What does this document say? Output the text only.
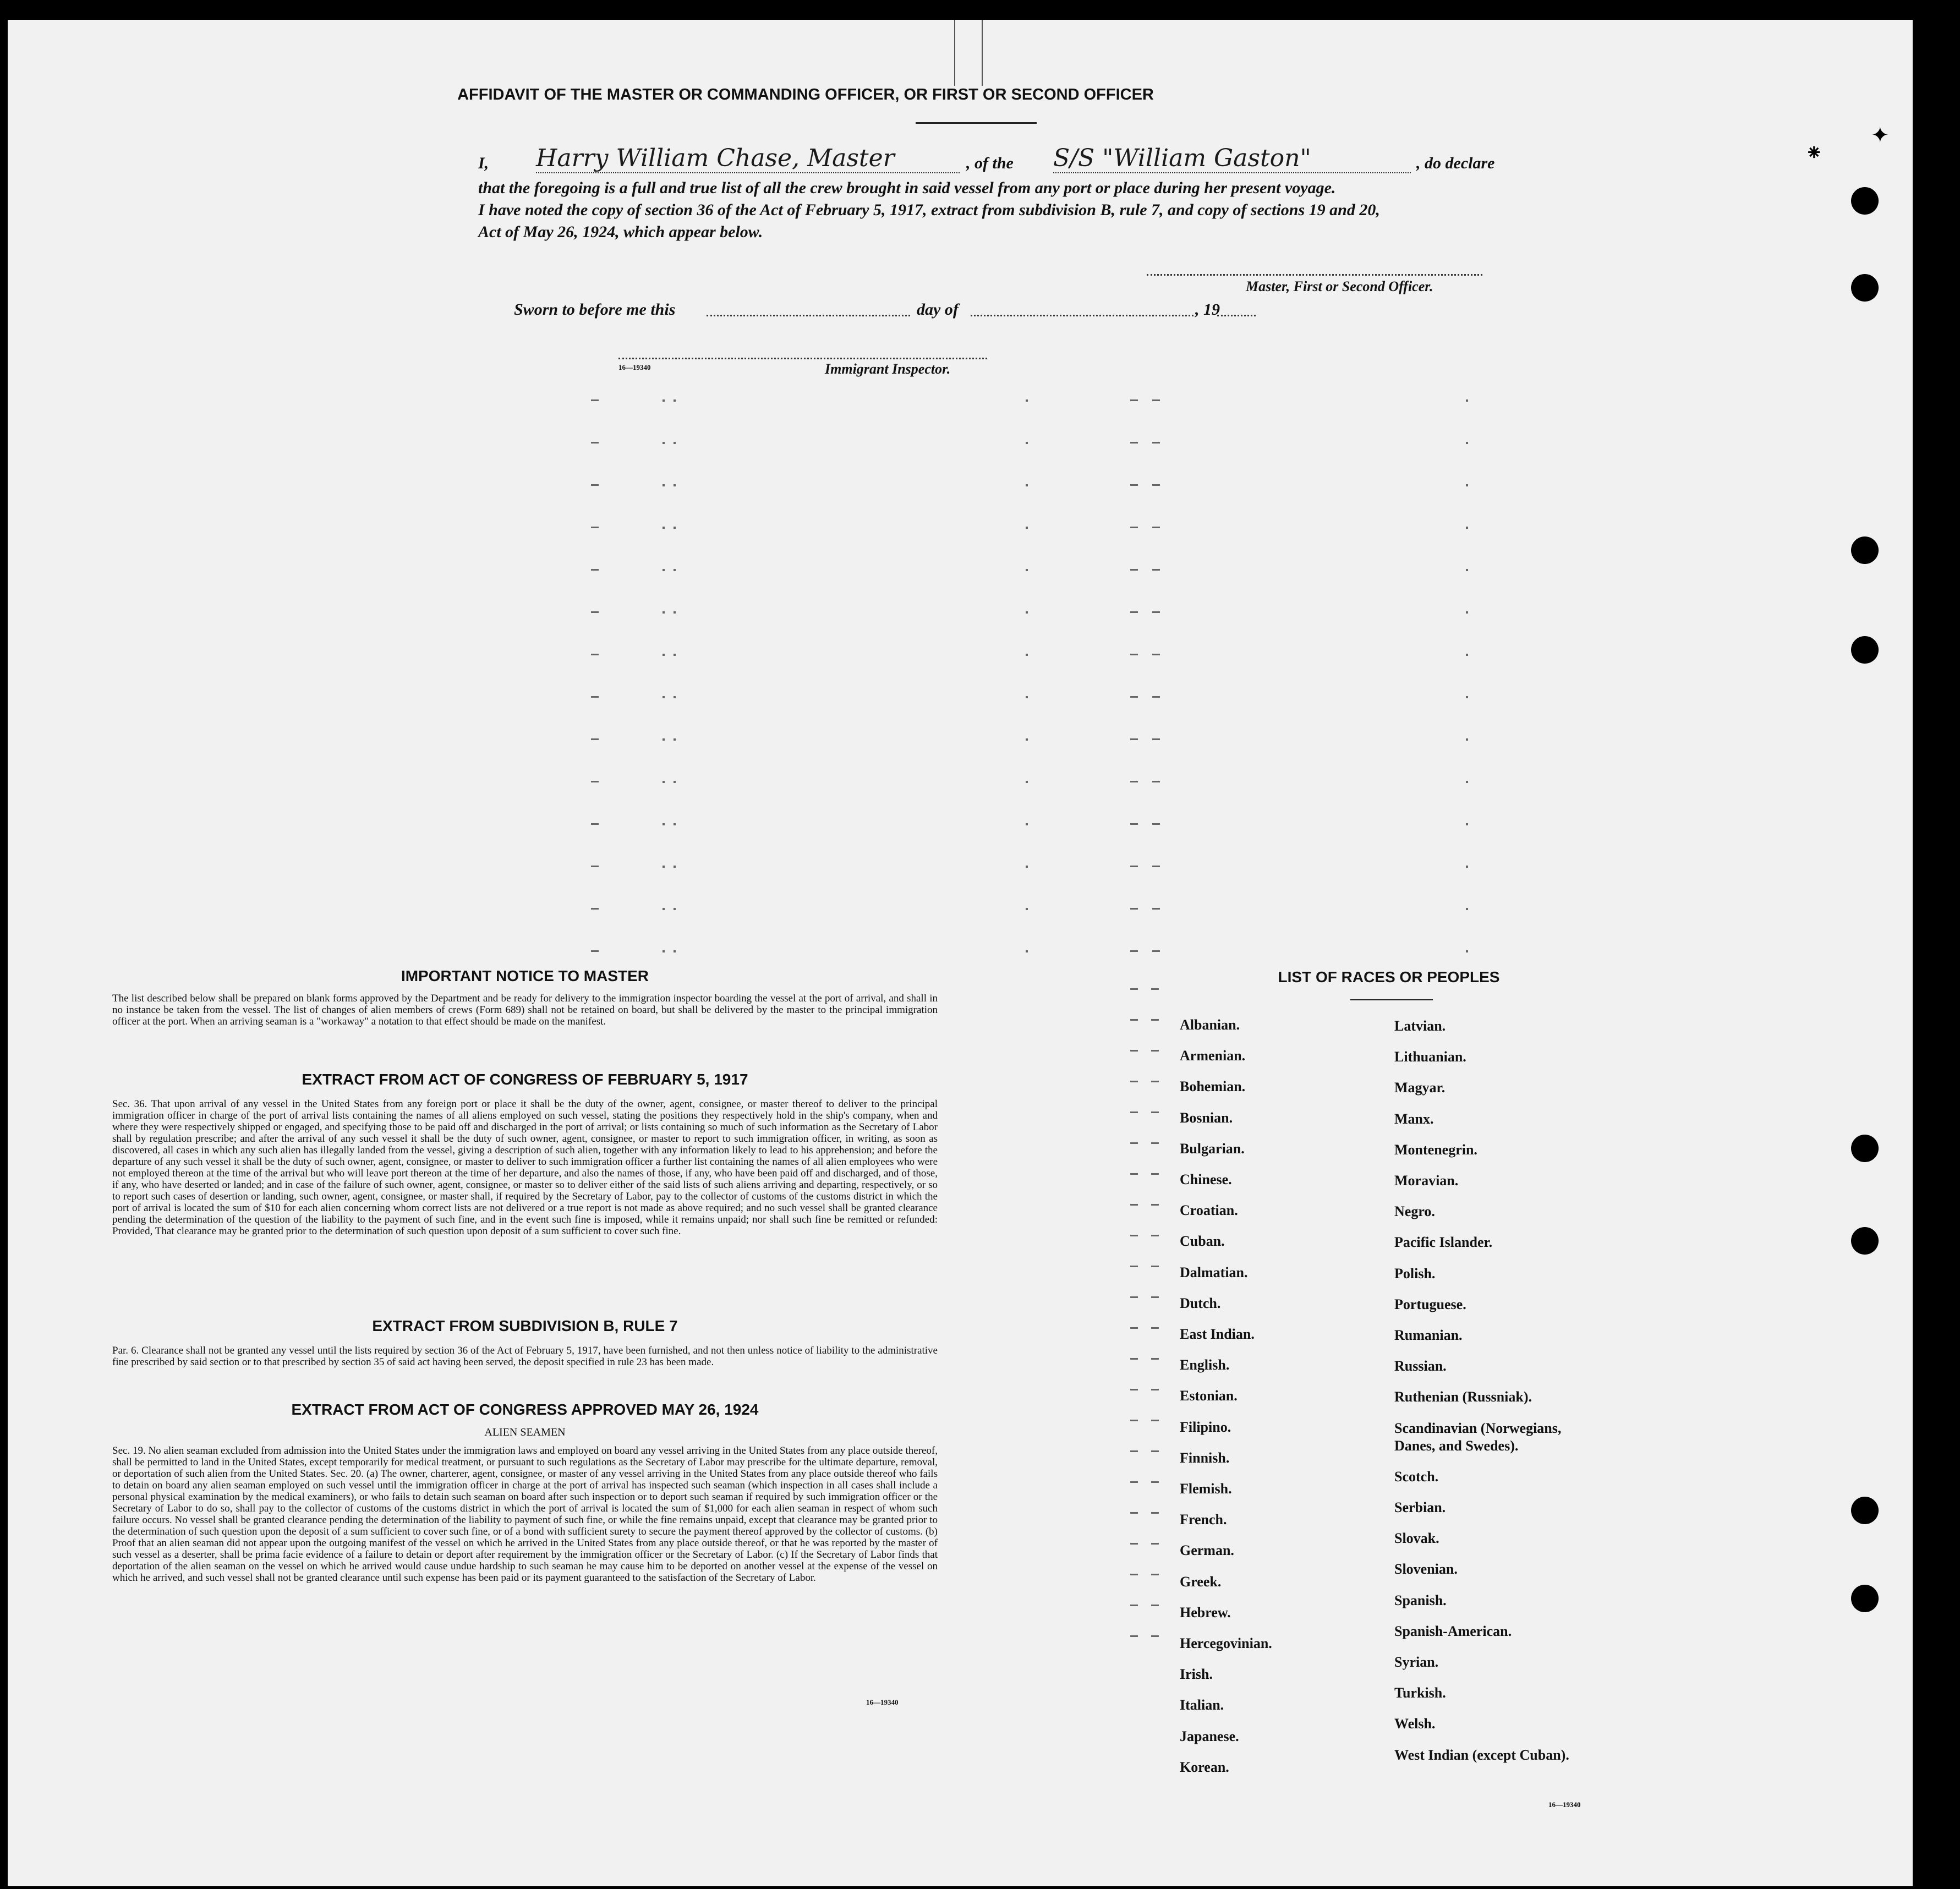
AFFIDAVIT OF THE MASTER OR COMMANDING OFFICER, OR FIRST OR SECOND OFFICER
I, Harry William Chase, Master	, of the S/S "William Gaston"	, do declare
that the foregoing is a full and true list of all the crew brought in said vessel from any port or place during her present voyage.
I have noted the copy of section 36 of the Act of February 5, 1917, extract from subdivision B, rule 7, and copy of sections 19 and 20,
Act of May 26, 1924, which appear below.
Master, First or Second Officer.
Sworn to before me this	day of	, 19
16—19340	Immigrant Inspector.
IMPORTANT NOTICE TO MASTER
The list described below shall be prepared on blank forms approved by the Department and be ready for delivery to the immigration inspector boarding the vessel at the port of arrival, and shall in no instance be taken from the vessel. The list of changes of alien members of crews (Form 689) shall not be retained on board, but shall be delivered by the master to the principal immigration officer at the port. When an arriving seaman is a "workaway" a notation to that effect should be made on the manifest.
EXTRACT FROM ACT OF CONGRESS OF FEBRUARY 5, 1917
Sec. 36. That upon arrival of any vessel in the United States from any foreign port or place it shall be the duty of the owner, agent, consignee, or master thereof to deliver to the principal immigration officer in charge of the port of arrival lists containing the names of all aliens employed on such vessel, stating the positions they respectively hold in the ship's company, when and where they were respectively shipped or engaged, and specifying those to be paid off and discharged in the port of arrival; or lists containing so much of such information as the Secretary of Labor shall by regulation prescribe; and after the arrival of any such vessel it shall be the duty of such owner, agent, consignee, or master to report to such immigration officer, in writing, as soon as discovered, all cases in which any such alien has illegally landed from the vessel, giving a description of such alien, together with any information likely to lead to his apprehension; and before the departure of any such vessel it shall be the duty of such owner, agent, consignee, or master to deliver to such immigration officer a further list containing the names of all alien employees who were not employed thereon at the time of the arrival but who will leave port thereon at the time of her departure, and also the names of those, if any, who have been paid off and discharged, and of those, if any, who have deserted or landed; and in case of the failure of such owner, agent, consignee, or master so to deliver either of the said lists of such aliens arriving and departing, respectively, or so to report such cases of desertion or landing, such owner, agent, consignee, or master shall, if required by the Secretary of Labor, pay to the collector of customs of the customs district in which the port of arrival is located the sum of $10 for each alien concerning whom correct lists are not delivered or a true report is not made as above required; and no such vessel shall be granted clearance pending the determination of the question of the liability to the payment of such fine, and in the event such fine is imposed, while it remains unpaid; nor shall such fine be remitted or refunded: Provided, That clearance may be granted prior to the determination of such question upon deposit of a sum sufficient to cover such fine.
EXTRACT FROM SUBDIVISION B, RULE 7
Par. 6. Clearance shall not be granted any vessel until the lists required by section 36 of the Act of February 5, 1917, have been furnished, and not then unless notice of liability to the administrative fine prescribed by said section or to that prescribed by section 35 of said act having been served, the deposit specified in rule 23 has been made.
EXTRACT FROM ACT OF CONGRESS APPROVED MAY 26, 1924
ALIEN SEAMEN
Sec. 19. No alien seaman excluded from admission into the United States under the immigration laws and employed on board any vessel arriving in the United States from any place outside thereof, shall be permitted to land in the United States, except temporarily for medical treatment, or pursuant to such regulations as the Secretary of Labor may prescribe for the ultimate departure, removal, or deportation of such alien from the United States. Sec. 20. (a) The owner, charterer, agent, consignee, or master of any vessel arriving in the United States from any place outside thereof who fails to detain on board any alien seaman employed on such vessel until the immigration officer in charge at the port of arrival has inspected such seaman (which inspection in all cases shall include a personal physical examination by the medical examiners), or who fails to detain such seaman on board after such inspection or to deport such seaman if required by such immigration officer or the Secretary of Labor to do so, shall pay to the collector of customs of the customs district in which the port of arrival is located the sum of $1,000 for each alien seaman in respect of whom such failure occurs. No vessel shall be granted clearance pending the determination of the liability to payment of such fine, or while the fine remains unpaid, except that clearance may be granted prior to the determination of such question upon the deposit of a sum sufficient to cover such fine, or of a bond with sufficient surety to secure the payment thereof approved by the collector of customs. (b) Proof that an alien seaman did not appear upon the outgoing manifest of the vessel on which he arrived in the United States from any place outside thereof, or that he was reported by the master of such vessel as a deserter, shall be prima facie evidence of a failure to detain or deport after requirement by the immigration officer or the Secretary of Labor. (c) If the Secretary of Labor finds that deportation of the alien seaman on the vessel on which he arrived would cause undue hardship to such seaman he may cause him to be deported on another vessel at the expense of the vessel on which he arrived, and such vessel shall not be granted clearance until such expense has been paid or its payment guaranteed to the satisfaction of the Secretary of Labor.
16—19340
LIST OF RACES OR PEOPLES
Albanian.
Armenian.
Bohemian.
Bosnian.
Bulgarian.
Chinese.
Croatian.
Cuban.
Dalmatian.
Dutch.
East Indian.
English.
Estonian.
Filipino.
Finnish.
Flemish.
French.
German.
Greek.
Hebrew.
Hercegovinian.
Irish.
Italian.
Japanese.
Korean.
Latvian.
Lithuanian.
Magyar.
Manx.
Montenegrin.
Moravian.
Negro.
Pacific Islander.
Polish.
Portuguese.
Rumanian.
Russian.
Ruthenian (Russniak).
Scandinavian (Norwegians,
Danes, and Swedes).
Scotch.
Serbian.
Slovak.
Slovenian.
Spanish.
Spanish-American.
Syrian.
Turkish.
Welsh.
West Indian (except Cuban).
16—19340
⁕
✦
